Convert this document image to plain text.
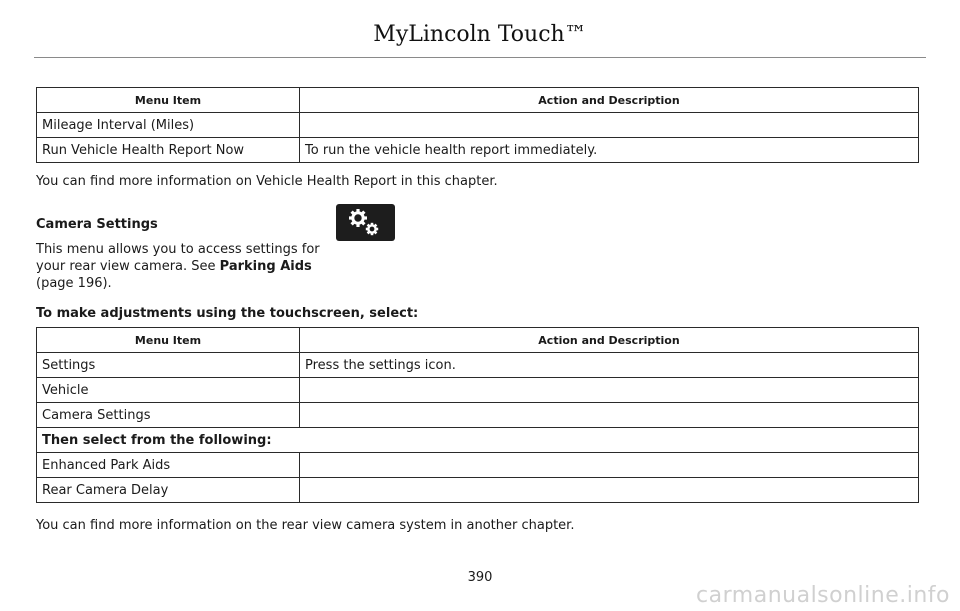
MyLincoln Touch™
Menu Item	Action and Description
Mileage Interval (Miles)	
Run Vehicle Health Report Now	To run the vehicle health report immediately.

You can find more information on Vehicle Health Report in this chapter.

Camera Settings

This menu allows you to access settings for
your rear view camera. See Parking Aids
(page 196).

To make adjustments using the touchscreen, select:

Menu Item	Action and Description
Settings	Press the settings icon.
Vehicle	
Camera Settings	
Then select from the following:	
Enhanced Park Aids	
Rear Camera Delay	

You can find more information on the rear view camera system in another chapter.

390
carmanualsonline.info
